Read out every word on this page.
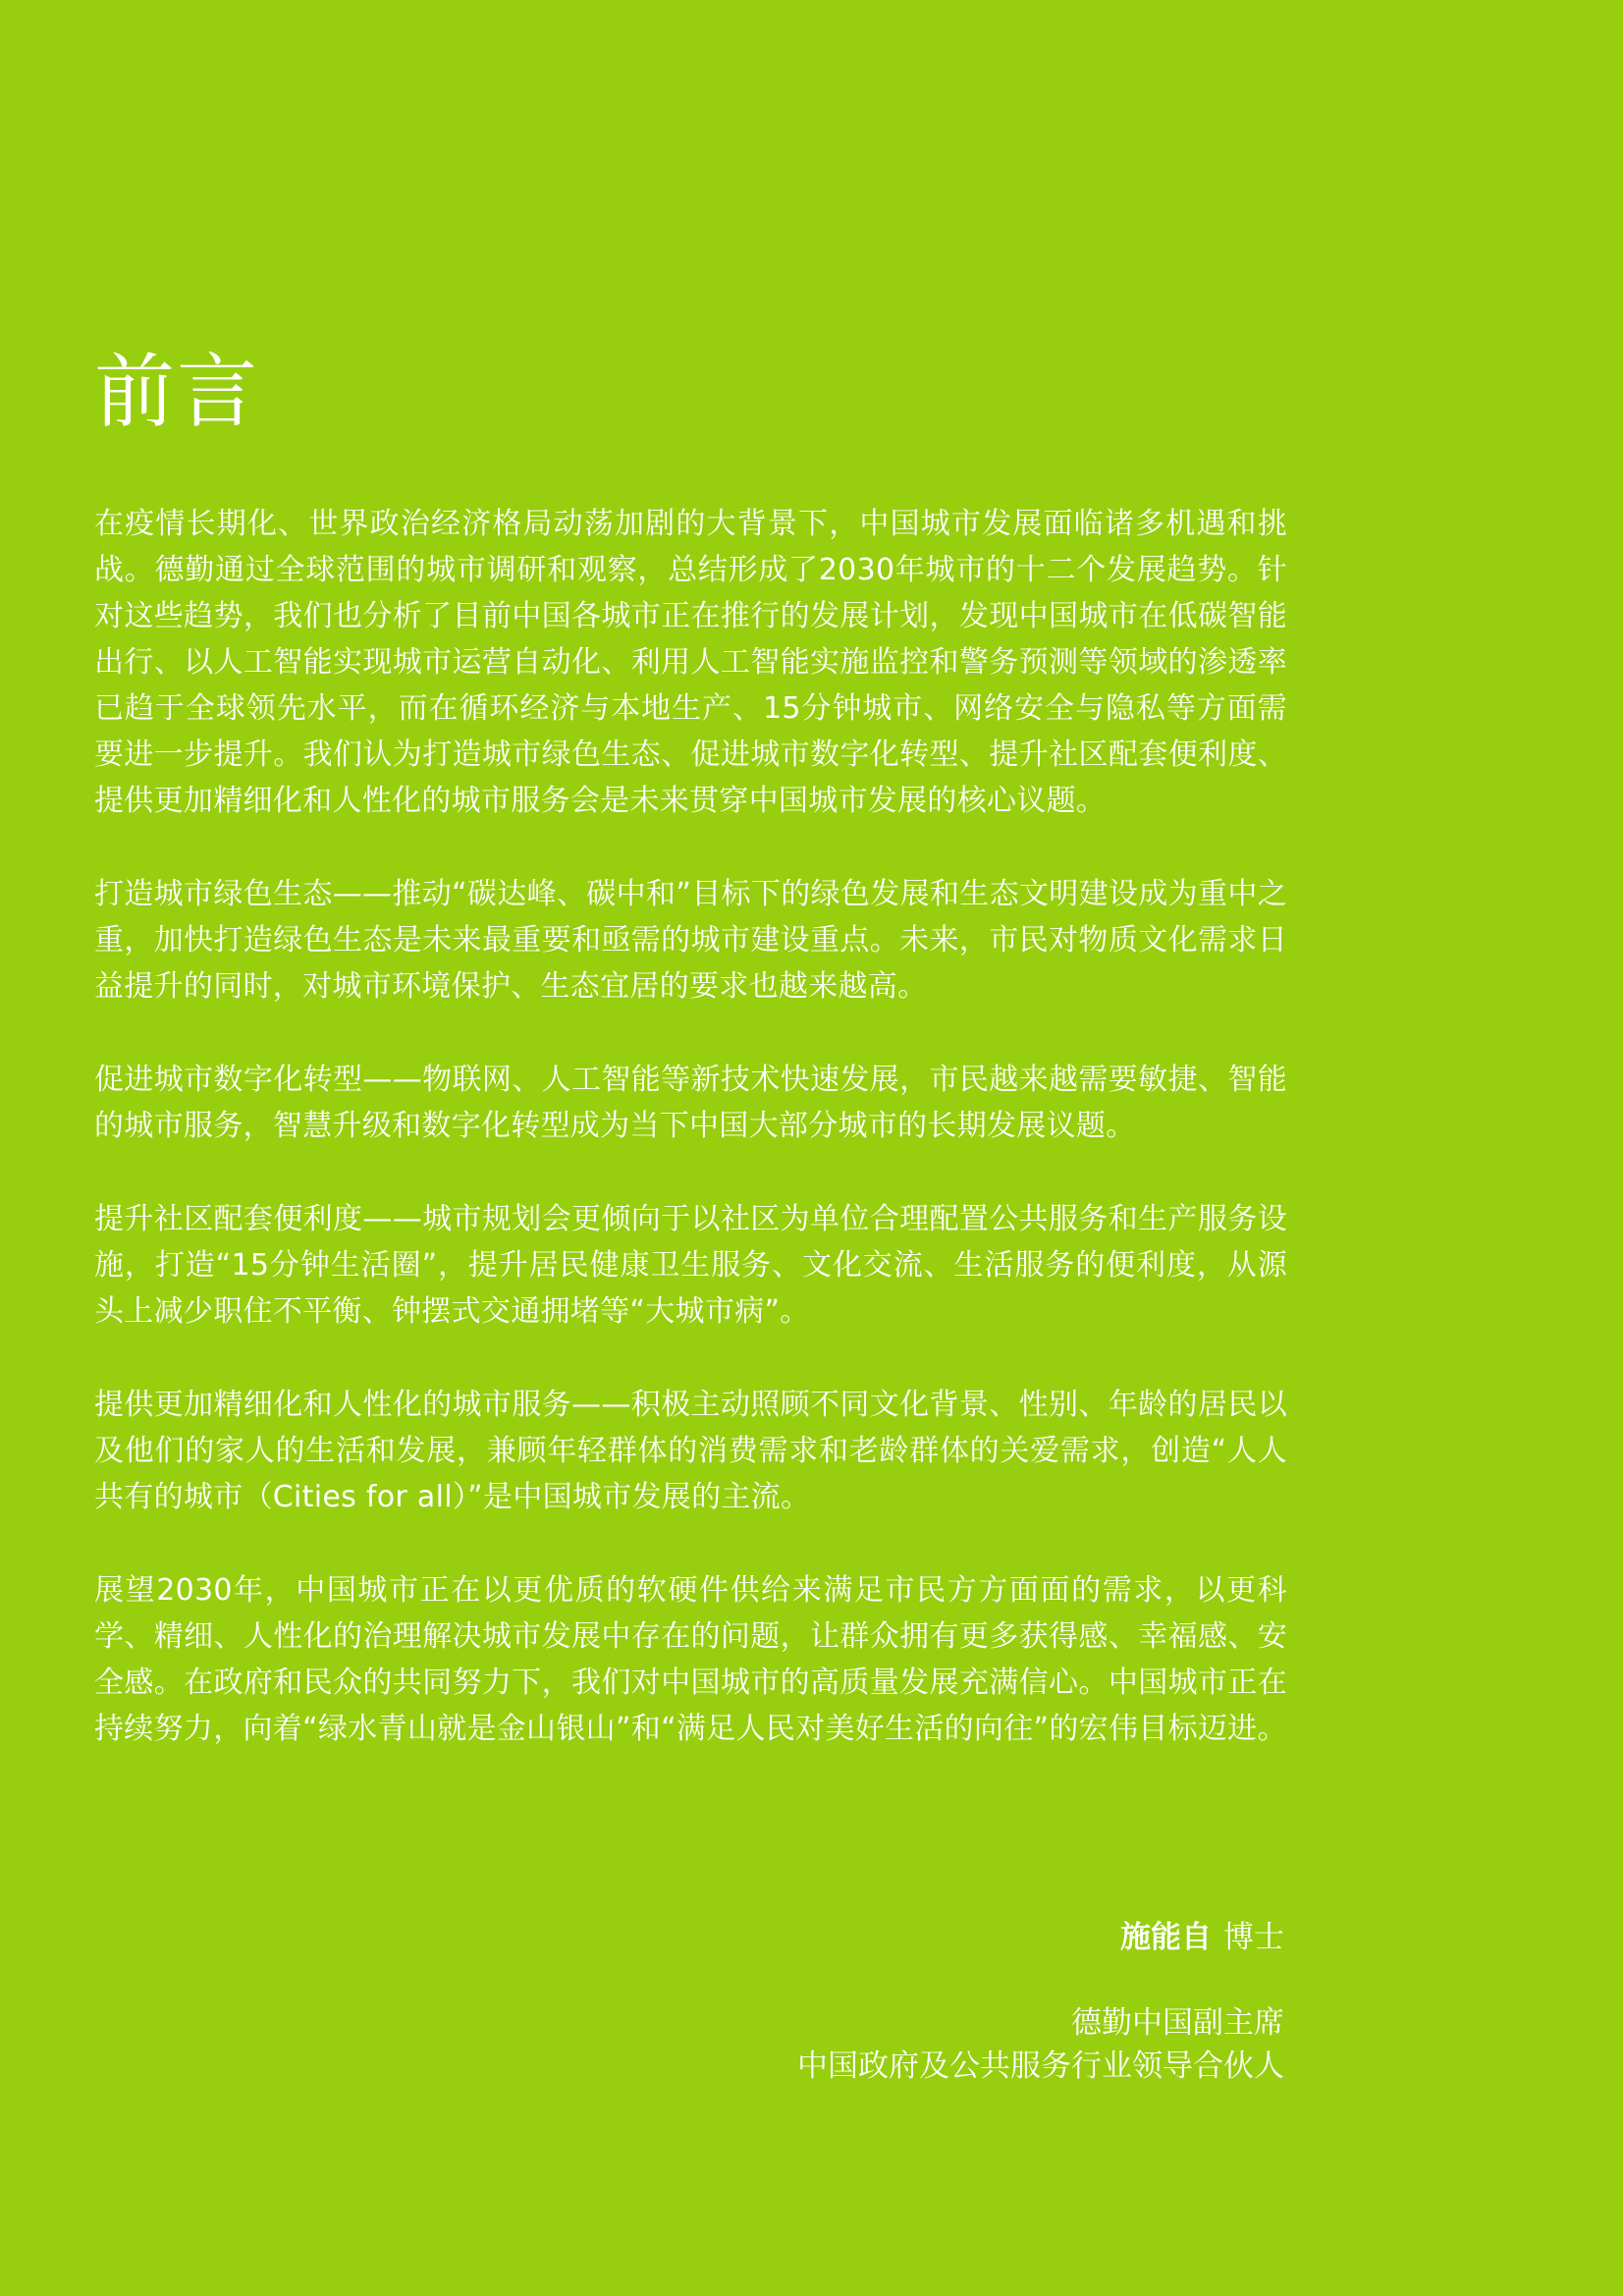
前言

在疫情长期化、世界政治经济格局动荡加剧的大背景下，中国城市发展面临诸多机遇和挑战。德勤通过全球范围的城市调研和观察，总结形成了2030年城市的十二个发展趋势。针对这些趋势，我们也分析了目前中国各城市正在推行的发展计划，发现中国城市在低碳智能出行、以人工智能实现城市运营自动化、利用人工智能实施监控和警务预测等领域的渗透率已趋于全球领先水平，而在循环经济与本地生产、15分钟城市、网络安全与隐私等方面需要进一步提升。我们认为打造城市绿色生态、促进城市数字化转型、提升社区配套便利度、提供更加精细化和人性化的城市服务会是未来贯穿中国城市发展的核心议题。

打造城市绿色生态——推动“碳达峰、碳中和”目标下的绿色发展和生态文明建设成为重中之重，加快打造绿色生态是未来最重要和亟需的城市建设重点。未来，市民对物质文化需求日益提升的同时，对城市环境保护、生态宜居的要求也越来越高。

促进城市数字化转型——物联网、人工智能等新技术快速发展，市民越来越需要敏捷、智能的城市服务，智慧升级和数字化转型成为当下中国大部分城市的长期发展议题。

提升社区配套便利度——城市规划会更倾向于以社区为单位合理配置公共服务和生产服务设施，打造“15分钟生活圈”，提升居民健康卫生服务、文化交流、生活服务的便利度，从源头上减少职住不平衡、钟摆式交通拥堵等“大城市病”。

提供更加精细化和人性化的城市服务——积极主动照顾不同文化背景、性别、年龄的居民以及他们的家人的生活和发展，兼顾年轻群体的消费需求和老龄群体的关爱需求，创造“人人共有的城市（Cities for all）”是中国城市发展的主流。

展望2030年，中国城市正在以更优质的软硬件供给来满足市民方方面面的需求，以更科学、精细、人性化的治理解决城市发展中存在的问题，让群众拥有更多获得感、幸福感、安全感。在政府和民众的共同努力下，我们对中国城市的高质量发展充满信心。中国城市正在持续努力，向着“绿水青山就是金山银山”和“满足人民对美好生活的向往”的宏伟目标迈进。

施能自 博士

德勤中国副主席

中国政府及公共服务行业领导合伙人
